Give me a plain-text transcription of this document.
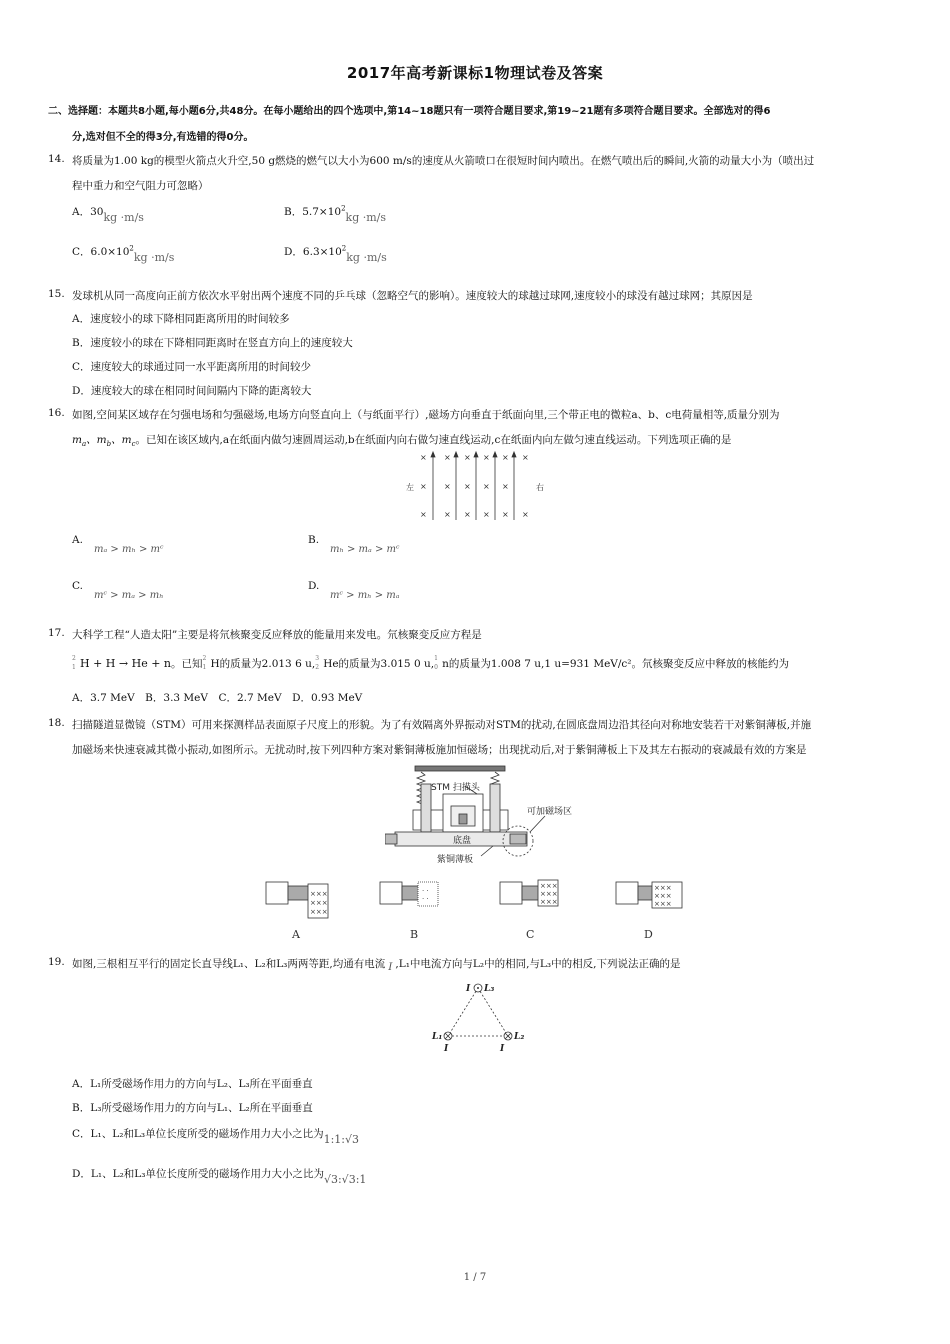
2017年高考新课标1物理试卷及答案
二、选择题：本题共8小题,每小题6分,共48分。在每小题给出的四个选项中,第14~18题只有一项符合题目要求,第19~21题有多项符合题目要求。全部选对的得6
分,选对但不全的得3分,有选错的得0分。
14. 将质量为1.00 kg的模型火箭点火升空,50 g燃烧的燃气以大小为600 m/s的速度从火箭喷口在很短时间内喷出。在燃气喷出后的瞬间,火箭的动量大小为（喷出过
程中重力和空气阻力可忽略）
A．30kg ·m/s	B．$5.7\times 10^2kg \cdot m/s$
C．$6.0\times 10^2kg \cdot m/s$	D．$6.3\times 10^2kg \cdot m/s$
15. 发球机从同一高度向正前方依次水平射出两个速度不同的乒乓球（忽略空气的影响）。速度较大的球越过球网,速度较小的球没有越过球网；其原因是
A．速度较小的球下降相同距离所用的时间较多
B．速度较小的球在下降相同距离时在竖直方向上的速度较大
C．速度较大的球通过同一水平距离所用的时间较少
D．速度较大的球在相同时间间隔内下降的距离较大
16. 如图,空间某区域存在匀强电场和匀强磁场,电场方向竖直向上（与纸面平行）,磁场方向垂直于纸面向里,三个带正电的微粒a、b、c电荷量相等,质量分别为
$m_a$、$m_b$、$m_c$。已知在该区域内,a在纸面内做匀速圆周运动,b在纸面内向右做匀速直线运动,c在纸面内向左做匀速直线运动。下列选项正确的是
× × × × × ×
× × × × ×
× × × × × ×
左	右
A.
mₐ > mₕ > mᶜ
B.
mₕ > mₐ > mᶜ
C.
mᶜ > mₐ > mₕ
D.
mᶜ > mₕ > mₐ
17. 大科学工程“人造太阳”主要是将氘核聚变反应释放的能量用来发电。氘核聚变反应方程是
2
1 H + H → He + n。已知 2
1 H的质量为2.013 6 u, 3
2 He的质量为3.015 0 u, 1
0 n的质量为1.008 7 u,1 u=931 MeV/c²。氘核聚变反应中释放的核能约为
A．3.7 MeV　B．3.3 MeV　C．2.7 MeV　D．0.93 MeV
18. 扫描隧道显微镜（STM）可用来探测样品表面原子尺度上的形貌。为了有效隔离外界振动对STM的扰动,在圆底盘周边沿其径向对称地安装若干对紫铜薄板,并施
加磁场来快速衰减其微小振动,如图所示。无扰动时,按下列四种方案对紫铜薄板施加恒磁场；出现扰动后,对于紫铜薄板上下及其左右振动的衰减最有效的方案是
STM 扫描头
可加磁场区
底盘
紫铜薄板
×××
×××
×××
· ·
· ·
×××
×××
×××
×××
×××
×××
A	B	C	D
19. 如图,三根相互平行的固定长直导线L₁、L₂和L₃两两等距,均通有电流 I ,L₁中电流方向与L₂中的相同,与L₃中的相反,下列说法正确的是
I L₃
L₁	L₂
I	I
A．L₁所受磁场作用力的方向与L₂、L₃所在平面垂直
B．L₃所受磁场作用力的方向与L₁、L₂所在平面垂直
C．L₁、L₂和L₃单位长度所受的磁场作用力大小之比为1:1:√3
D．L₁、L₂和L₃单位长度所受的磁场作用力大小之比为√3:√3:1
1 / 7
